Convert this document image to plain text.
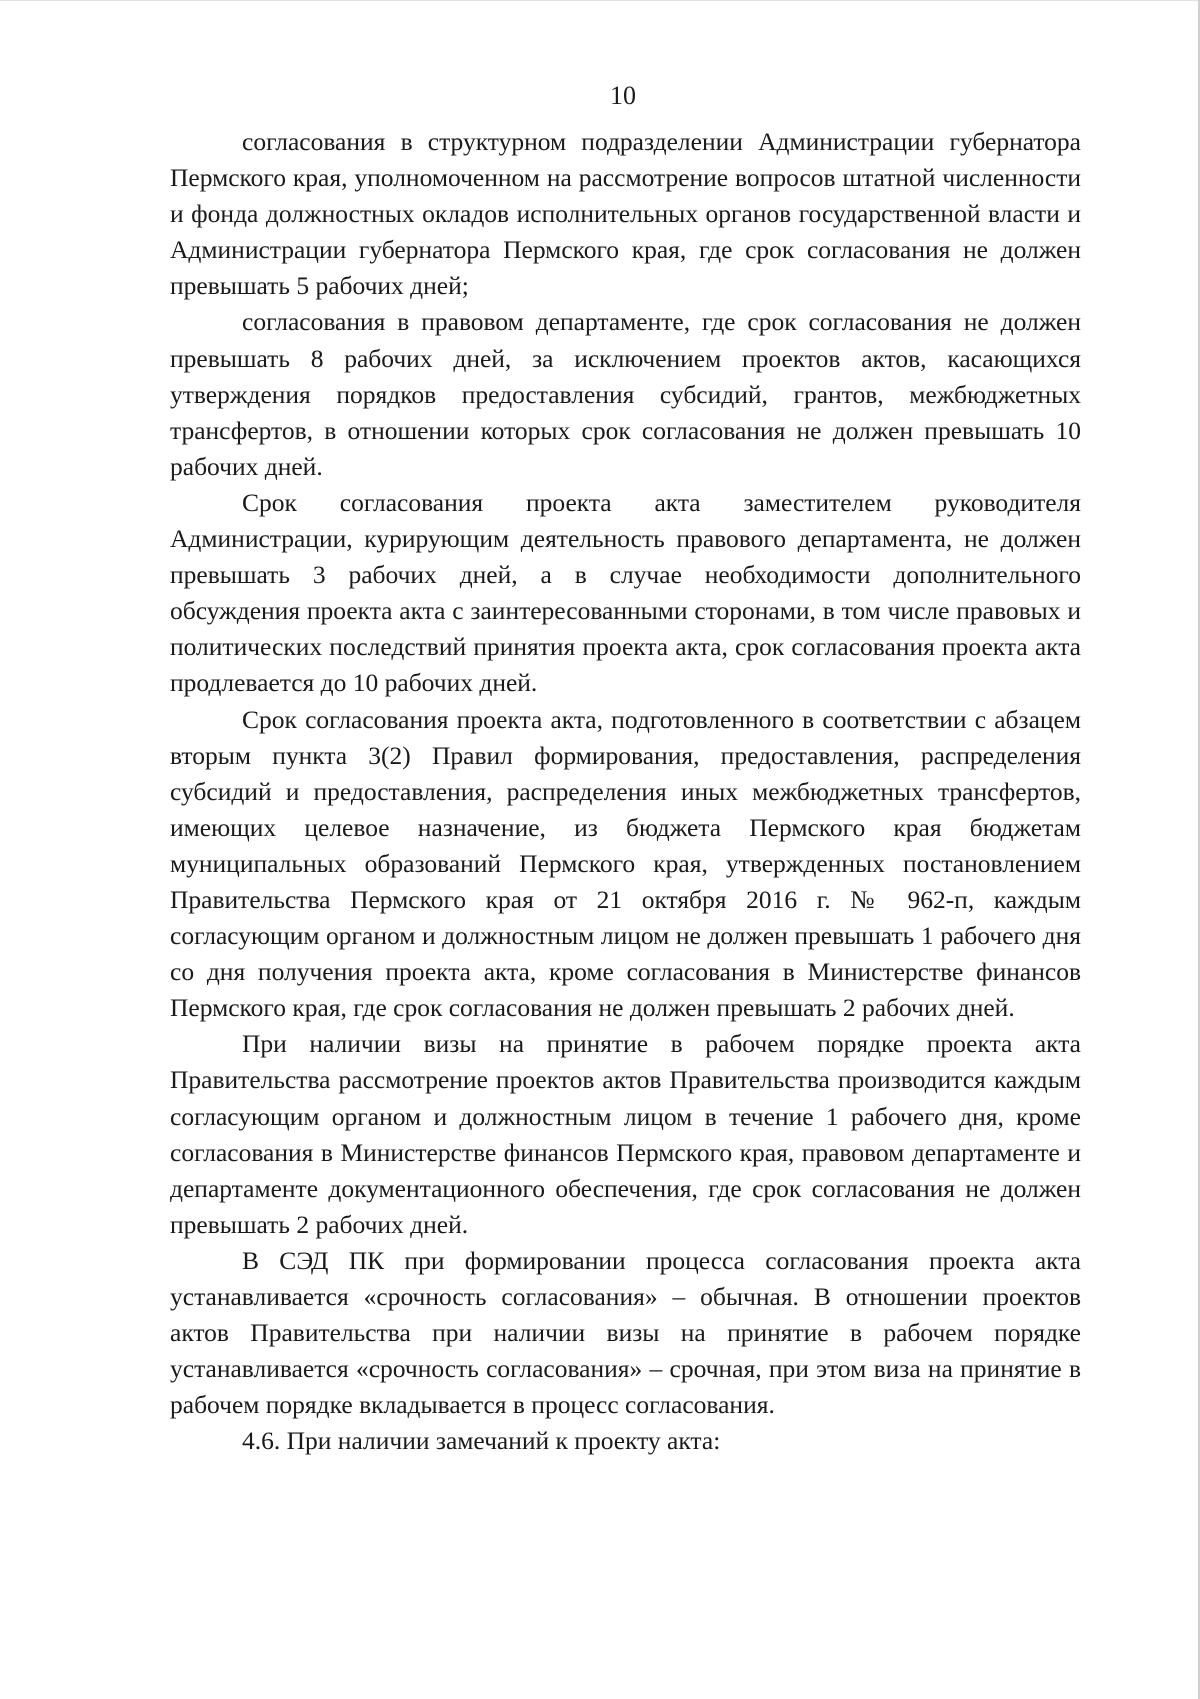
10

согласования в структурном подразделении Администрации губернатора Пермского края, уполномоченном на рассмотрение вопросов штатной численности и фонда должностных окладов исполнительных органов государственной власти и Администрации губернатора Пермского края, где срок согласования не должен превышать 5 рабочих дней;

согласования в правовом департаменте, где срок согласования не должен превышать 8 рабочих дней, за исключением проектов актов, касающихся утверждения порядков предоставления субсидий, грантов, межбюджетных трансфертов, в отношении которых срок согласования не должен превышать 10 рабочих дней.

Срок согласования проекта акта заместителем руководителя Администрации, курирующим деятельность правового департамента, не должен превышать 3 рабочих дней, а в случае необходимости дополнительного обсуждения проекта акта с заинтересованными сторонами, в том числе правовых и политических последствий принятия проекта акта, срок согласования проекта акта продлевается до 10 рабочих дней.

Срок согласования проекта акта, подготовленного в соответствии с абзацем вторым пункта 3(2) Правил формирования, предоставления, распределения субсидий и предоставления, распределения иных межбюджетных трансфертов, имеющих целевое назначение, из бюджета Пермского края бюджетам муниципальных образований Пермского края, утвержденных постановлением Правительства Пермского края от 21 октября 2016 г. № 962-п, каждым согласующим органом и должностным лицом не должен превышать 1 рабочего дня со дня получения проекта акта, кроме согласования в Министерстве финансов Пермского края, где срок согласования не должен превышать 2 рабочих дней.

При наличии визы на принятие в рабочем порядке проекта акта Правительства рассмотрение проектов актов Правительства производится каждым согласующим органом и должностным лицом в течение 1 рабочего дня, кроме согласования в Министерстве финансов Пермского края, правовом департаменте и департаменте документационного обеспечения, где срок согласования не должен превышать 2 рабочих дней.

В СЭД ПК при формировании процесса согласования проекта акта устанавливается «срочность согласования» – обычная. В отношении проектов актов Правительства при наличии визы на принятие в рабочем порядке устанавливается «срочность согласования» – срочная, при этом виза на принятие в рабочем порядке вкладывается в процесс согласования.

4.6. При наличии замечаний к проекту акта:
